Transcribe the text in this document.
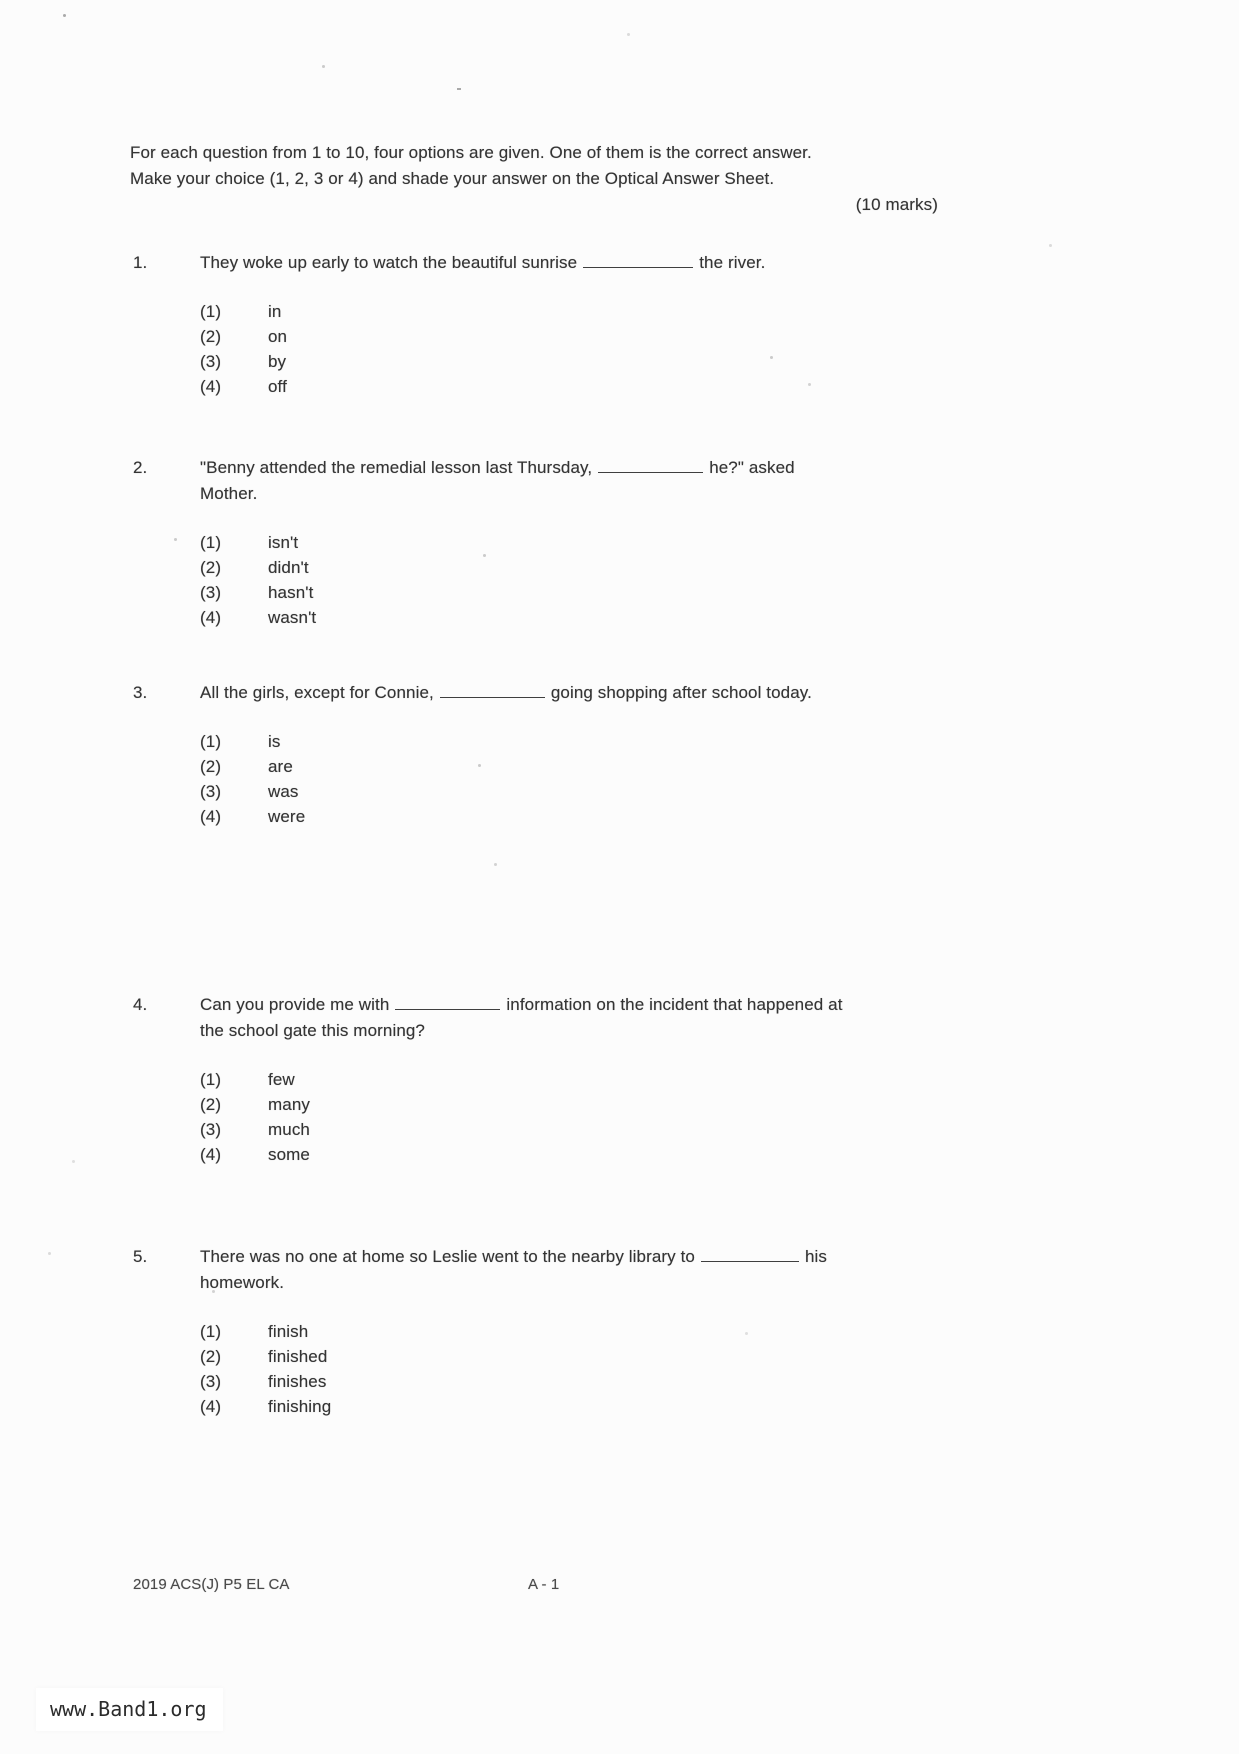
For each question from 1 to 10, four options are given. One of them is the correct answer.
Make your choice (1, 2, 3 or 4) and shade your answer on the Optical Answer Sheet.
(10 marks)
1.	They woke up early to watch the beautiful sunrise	the river.
(1)	in
(2)	on
(3)	by
(4)	off
2.	"Benny attended the remedial lesson last Thursday,	he?" asked
Mother.
(1)	isn't
(2)	didn't
(3)	hasn't
(4)	wasn't
3.	All the girls, except for Connie,	going shopping after school today.
(1)	is
(2)	are
(3)	was
(4)	were
4.	Can you provide me with	information on the incident that happened at
the school gate this morning?
(1)	few
(2)	many
(3)	much
(4)	some
5.	There was no one at home so Leslie went to the nearby library to	his
homework.
(1)	finish
(2)	finished
(3)	finishes
(4)	finishing
2019 ACS(J) P5 EL CA	A - 1
www.Band1.org
